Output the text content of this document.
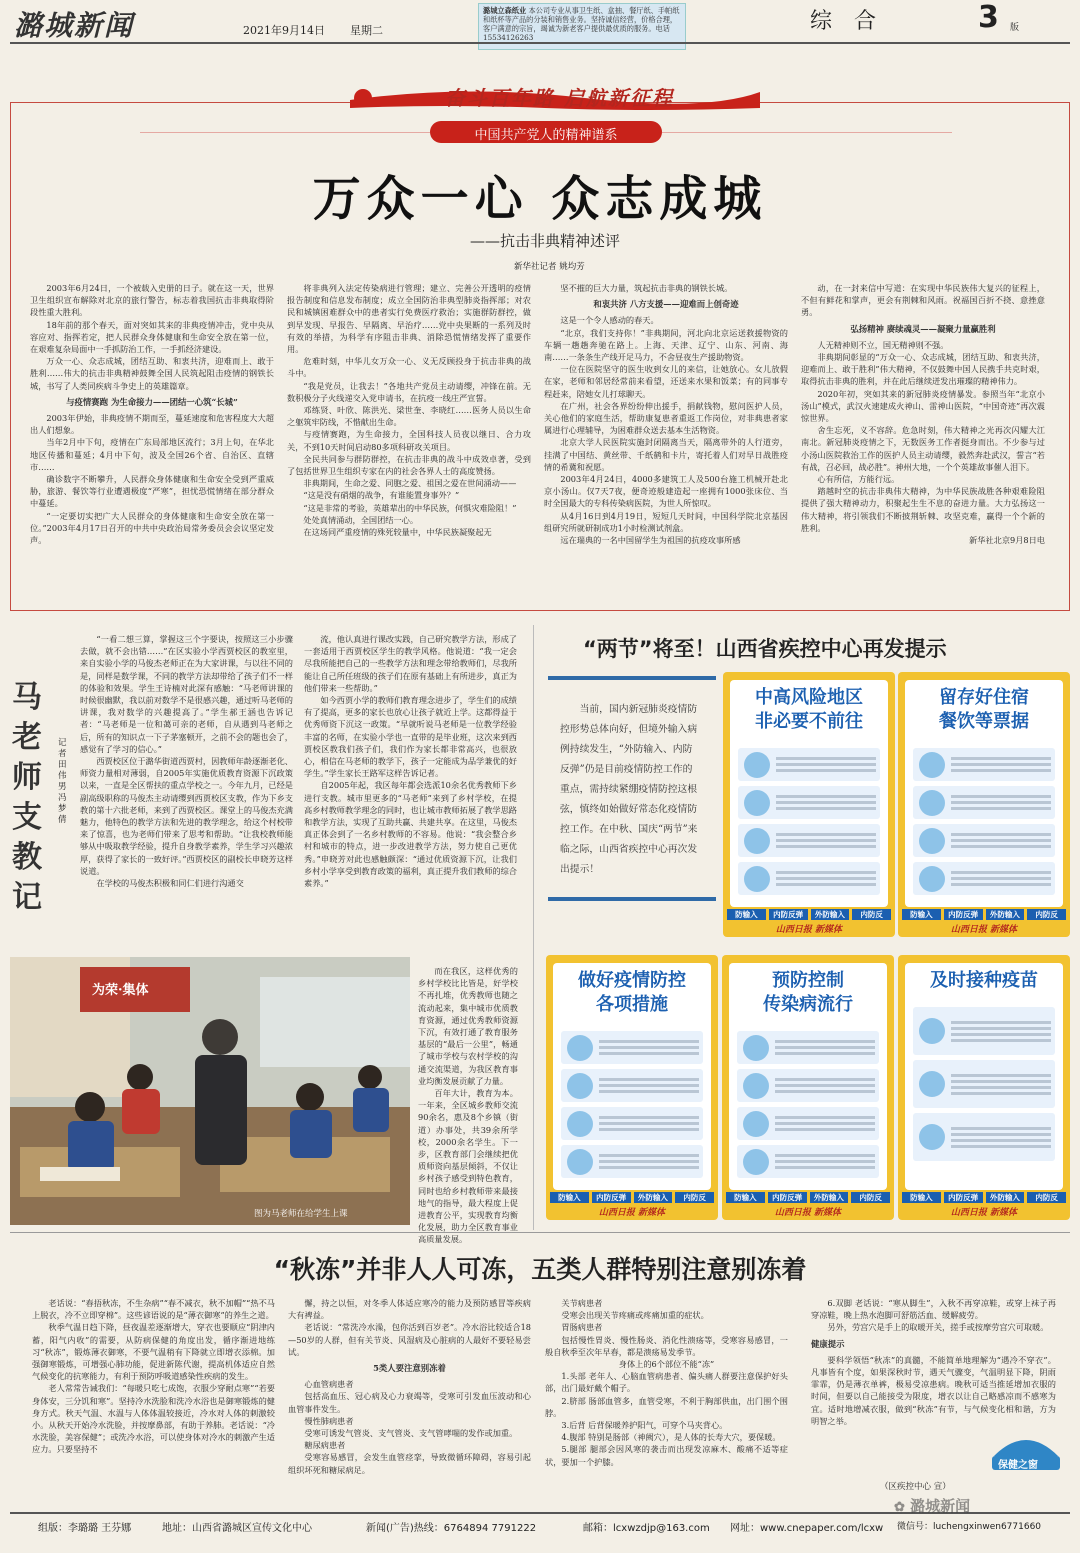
潞城新闻	2021年9月14日 星期二
潞城立森纸业 本公司专业从事卫生纸、盒抽、餐厅纸、手帕纸和纸杯等产品的分装和销售业务。坚持诚信经营，价格合理，客户满意的宗旨，竭诚为新老客户提供最优质的服务。电话 15534126263
综合	3 版
奋斗百年路 启航新征程
中国共产党人的精神谱系
万众一心 众志成城
——抗击非典精神述评
新华社记者 姚均芳

2003年6月24日，一个被载入史册的日子。就在这一天，世界卫生组织宣布解除对北京的旅行警告，标志着我国抗击非典取得阶段性重大胜利。

18年前的那个春天，面对突如其来的非典疫情冲击，党中央从容应对、指挥若定，把人民群众身体健康和生命安全放在第一位，在艰难复杂局面中一手抓防治工作，一手抓经济建设。

万众一心、众志成城，团结互助、和衷共济，迎难而上、敢于胜利……伟大的抗击非典精神鼓舞全国人民筑起阻击疫情的钢铁长城，书写了人类同疾病斗争史上的英雄篇章。

与疫情赛跑 为生命接力——团结一心筑“长城”

2003年伊始，非典疫情不期而至，蔓延速度和危害程度大大超出人们想象。

当年2月中下旬，疫情在广东局部地区流行；3月上旬，在华北地区传播和蔓延；4月中下旬，波及全国26个省、自治区、直辖市……

确诊数字不断攀升，人民群众身体健康和生命安全受到严重威胁，旅游、餐饮等行业遭遇极度“严寒”，担忧恐慌情绪在部分群众中蔓延。

“一定要切实把广大人民群众的身体健康和生命安全放在第一位。”2003年4月17日召开的中共中央政治局常务委员会会议坚定发声。

将非典列入法定传染病进行管理；建立、完善公开透明的疫情报告制度和信息发布制度；成立全国防治非典型肺炎指挥部；对农民和城镇困难群众中的患者实行免费医疗救治；实施群防群控，做到早发现、早报告、早隔离、早治疗……党中央果断的一系列及时有效的举措，为科学有序阻击非典、消除恐慌情绪发挥了重要作用。

危难时刻，中华儿女万众一心、义无反顾投身于抗击非典的战斗中。

“我是党员，让我去！”各地共产党员主动请缨，冲锋在前。无数积极分子火线递交入党申请书，在抗疫一线庄严宣誓。

邓练贤、叶欣、陈洪光、梁世奎、李晓红……医务人员以生命之躯筑牢防线，不惜献出生命。

与疫情赛跑，为生命接力，全国科技人员夜以继日、合力攻关，不到10天时间启动80多项科研攻关项目。

全民共同参与群防群控，在抗击非典的战斗中成效卓著，受到了包括世界卫生组织专家在内的社会各界人士的高度赞扬。

非典期间，生命之爱、同胞之爱、祖国之爱在世间涌动——

“这是没有硝烟的战争，有谁能置身事外？”

“这是非常的考验，英雄辈出的中华民族，何惧灾难险阻！”

处处真情涌动，全国团结一心。

在这场同严重疫情的殊死较量中，中华民族凝聚起无

坚不摧的巨大力量，筑起抗击非典的钢铁长城。

和衷共济 八方支援——迎难而上创奇迹

这是一个令人感动的春天。

“北京，我们支持你！”非典期间，河北向北京运送救援物资的车辆一趟趟奔驰在路上。上海、天津、辽宁、山东、河南、海南……一条条生产线开足马力，不舍昼夜生产援助物资。

一位在医院坚守的医生收到女儿的来信，让她放心。女儿放假在家，老师和邻居经常前来看望，还送来水果和饭菜；有的同事专程赶来，陪她女儿打球聊天。

在广州，社会各界纷纷伸出援手，捐献钱物，慰问医护人员，关心他们的家庭生活，帮助康复患者重返工作岗位，对非典患者家属进行心理辅导，为困难群众送去基本生活物资。

北京大学人民医院实施封闭隔离当天，隔离带外的人行道旁，挂满了中国结、黄丝带、千纸鹤和卡片，寄托着人们对早日战胜疫情的希冀和祝愿。

2003年4月24日，4000多建筑工人及500台施工机械开赴北京小汤山。仅7天7夜，便奇迹般建造起一座拥有1000张床位、当时全国最大的专科传染病医院，为世人所惊叹。

从4月16日到4月19日，短短几天时间，中国科学院北京基因组研究所就研制成功1小时检测试剂盒。

远在瑞典的一名中国留学生为祖国的抗疫攻事所感

动，在一封来信中写道：在实现中华民族伟大复兴的征程上，不但有鲜花和掌声，更会有荆棘和风雨。祝福国百折不挠、意挫意勇。

弘扬精神 赓续魂灵——凝聚力量赢胜利

人无精神则不立，国无精神则不强。

非典期间彰显的“万众一心、众志成城，团结互助、和衷共济，迎难而上、敢于胜利”伟大精神，不仅鼓舞中国人民携手共克时艰，取得抗击非典的胜利，并在此后继续迸发出璀璨的精神伟力。

2020年初，突如其来的新冠肺炎疫情暴发。参照当年“北京小汤山”模式，武汉火速建成火神山、雷神山医院，“中国奇迹”再次震惊世界。

舍生忘死，义不容辞。危急时刻，伟大精神之光再次闪耀大江南北。新冠肺炎疫情之下，无数医务工作者挺身而出。不少参与过小汤山医院救治工作的医护人员主动请缨，毅然奔赴武汉，誓言“若有战，召必回，战必胜”。神州大地，一个个英雄故事催人泪下。

心有所信，方能行远。

踏越时空的抗击非典伟大精神，为中华民族战胜各种艰难险阻提供了强大精神动力，积聚起生生不息的奋进力量。大力弘扬这一伟大精神，将引领我们不断披荆斩棘、攻坚克难，赢得一个个新的胜利。

新华社北京9月8日电

马老师支教记
记者 田伟男 冯梦倩

“一看二想三算，掌握这三个字要诀，按照这三小步骤去做，就不会出错……”在区实验小学西贾校区的教室里，来自实验小学的马俊杰老师正在为大家讲课，与以往不同的是，同样是数学课，不同的教学方法却带给了孩子们不一样的体验和效果。学生王诗楠对此深有感触：“马老师讲课的时候很幽默，我以前对数学不是很感兴趣，通过听马老师的讲课，我对数学的兴趣提高了。”学生郝王涵也告诉记者：“马老师是一位和蔼可亲的老师，自从遇到马老师之后，所有的知识点一下子茅塞顿开，之前不会的题也会了，感觉有了学习的信心。”

西贾校区位于潞华街道西贾村，因教师年龄逐渐老化、师资力量相对薄弱，自2005年实施优质教育资源下沉政策以来，一直是全区帮扶的重点学校之一。今年九月，已经是副高级职称的马俊杰主动请缨到西贾校区支教，作为下乡支教的第十六批老师，来到了西贾校区。课堂上的马俊杰充满魅力，他特色的教学方法和先进的教学理念，给这个村校带来了惊喜，也为老师们带来了思考和帮助。“让我校教师能够从中吸取教学经验，提升自身教学素养，学生学习兴趣浓厚，获得了家长的一致好评。”西贾校区的副校长申晓芳这样说道。

在学校的马俊杰积极和同仁们进行沟通交

流，他认真进行课改实践，自己研究教学方法，形成了一套适用于西贾校区学生的教学风格。他说道：“我一定会尽我所能把自己的一些教学方法和理念带给教师们，尽我所能让自己所任班级的孩子们在原有基础上有所进步，真正为他们带来一些帮助。”

如今西贾小学的教师们教育理念进步了，学生们的成绩有了提高，更多的家长也放心让孩子就近上学。这都得益于优秀师资下沉这一政策。“早就听说马老师是一位教学经验丰富的名师，在实验小学也一直带的是毕业班，这次来到西贾校区教我们孩子们，我们作为家长都非常高兴，也很放心，相信在马老师的教学下，孩子一定能成为品学兼优的好学生。”学生家长王路军这样告诉记者。

自2005年起，我区每年都会选派10余名优秀教师下乡进行支教。城市里更多的“马老师”来到了乡村学校，在提高乡村教师教学理念的同时，也让城市教师拓展了教学思路和教学方法，实现了互助共赢、共建共享。在这里，马俊杰真正体会到了一名乡村教师的不容易。他说：“我会整合乡村和城市的特点，进一步改进教学方法，努力使自己更优秀。”申晓芳对此也感触颇深：“通过优质资源下沉，让我们乡村小学享受到教育政策的福利，真正提升我们教师的综合素养。”

而在我区，这样优秀的乡村学校比比皆是，好学校不再扎堆，优秀教师也随之流动起来，集中城市优质教育资源，通过优秀教师资源下沉，有效打通了教育服务基层的“最后一公里”，畅通了城市学校与农村学校的沟通交流渠道，为我区教育事业均衡发展贡献了力量。

百年大计，教育为本。一年来，全区城乡教师交流90余名，惠及8个乡镇（街道）办事处，共39余所学校，2000余名学生。下一步，区教育部门会继续把优质师资向基层倾斜，不仅让乡村孩子感受到特色教育，同时也给乡村教师带来最接地气的指导，最大程度上促进教育公平，实现教育均衡化发展，助力全区教育事业高质量发展。

为荣·集体
图为马老师在给学生上课
“两节”将至！山西省疾控中心再发提示
当前，国内新冠肺炎疫情防控形势总体向好，但境外输入病例持续发生，“外防输入、内防反弹”仍是目前疫情防控工作的重点，需持续紧绷疫情防控这根弦，慎终如始做好常态化疫情防控工作。在中秋、国庆“两节”来临之际，山西省疾控中心再次发出提示！
中高风险地区
非必要不前往
防输入	内防反弹	外防输入	内防反
山西日报 新媒体
留存好住宿
餐饮等票据
防输入	内防反弹	外防输入	内防反
山西日报 新媒体
做好疫情防控
各项措施
防输入	内防反弹	外防输入	内防反
山西日报 新媒体
预防控制
传染病流行
防输入	内防反弹	外防输入	内防反
山西日报 新媒体
及时接种疫苗
防输入	内防反弹	外防输入	内防反
山西日报 新媒体
“秋冻”并非人人可冻，五类人群特别注意别冻着

老话说：“春捂秋冻，不生杂病”“春不减衣，秋不加帽”“热不马上脱衣，冷不立即穿棉”。这些谚语说的是“薄衣御寒”的养生之道。

秋季气温日趋下降，昼夜温差逐渐增大，穿衣也要顺应“阴津内蓄，阳气内收”的需要，从防病保健的角度出发，循序渐进地练习“秋冻”，锻炼薄衣御寒，不要气温稍有下降就立即增衣添棉。加强御寒锻炼，可增强心肺功能，促进新陈代谢，提高机体适应自然气候变化的抗寒能力，有利于预防呼吸道感染性疾病的发生。

老人常常告诫我们：“每暖只吃七成饱，衣服少穿耐点寒”“若要身体安，三分饥和寒”。坚持冷水洗脸和洗冷水浴也是御寒锻炼的健身方式。秋天气温、水温与人体体温较接近，冷水对人体的刺激较小。从秋天开始冷水洗脸，并按摩鼻部，有助于养肺。老话说：“冷水洗脸，美容保健”；或洗冷水浴，可以使身体对冷水的刺激产生适应力。只要坚持不

懈，持之以恒，对冬季人体适应寒冷的能力及预防感冒等疾病大有裨益。

老话说：“常洗冷水澡，包你活到百岁老”。冷水浴比较适合18—50岁的人群，但有关节炎、风湿病及心脏病的人最好不要轻易尝试。

5类人要注意别冻着

心血管病患者

包括高血压、冠心病及心力衰竭等，受寒可引发血压波动和心血管事件发生。

慢性肺病患者

受寒可诱发气管炎、支气管炎、支气管哮喘的发作或加重。

糖尿病患者

受寒容易感冒，会发生血管痉挛，导致微循环障碍，容易引起组织坏死和糖尿病足。

关节病患者

受寒会出现关节疼痛或疼痛加重的症状。

胃肠病患者

包括慢性胃炎、慢性肠炎、消化性溃疡等，受寒容易感冒，一般自秋季至次年早春，都是溃疡易发季节。

身体上的6个部位不能“冻”

1.头部 老年人、心脑血管病患者、偏头痛人群要注意保护好头部，出门最好戴个帽子。

2.脐部 肠部血管多，血管受寒，不利于胸部供血，出门围个围脖。

3.后背 后背保暖养护阳气，可穿个马夹背心。

4.腹部 特别是肠部（神阙穴），是人体的长寿大穴，要保暖。

5.腿部 腿部会因风寒的袭击而出现发凉麻木、酸痛不适等症状，要加一个护膝。

6.双脚 老话说：“寒从脚生”，入秋不再穿凉鞋，或穿上袜子再穿凉鞋，晚上热水泡脚可舒筋活血、缓解疲劳。

另外，劳宫穴是手上的取暖开关，搓手或按摩劳宫穴可取暖。

健康提示

要科学领悟“秋冻”的真髓，不能简单地理解为“遇冷不穿衣”。凡事皆有个度，如果深秋时节，遇天气骤变，气温明显下降，阴雨霏霏，仍是薄衣单裤，极易受凉患病。晚秋可适当推延增加衣服的时间，但要以自己能接受为限度，增衣以让自己略感凉而不感寒为宜。适时地增减衣服，做到“秋冻”有节，与气候变化相和谐，方为明智之举。

（区疾控中心 宣）
保健之窗
组版：李璐璐 王芬娜	地址：山西省潞城区宣传文化中心	新闻(广告)热线：6764894 7791222	邮箱：lcxwzdjp@163.com 网址：www.cnepaper.com/lcxw 微信号：luchengxinwen6771660
✿ 潞城新闻
